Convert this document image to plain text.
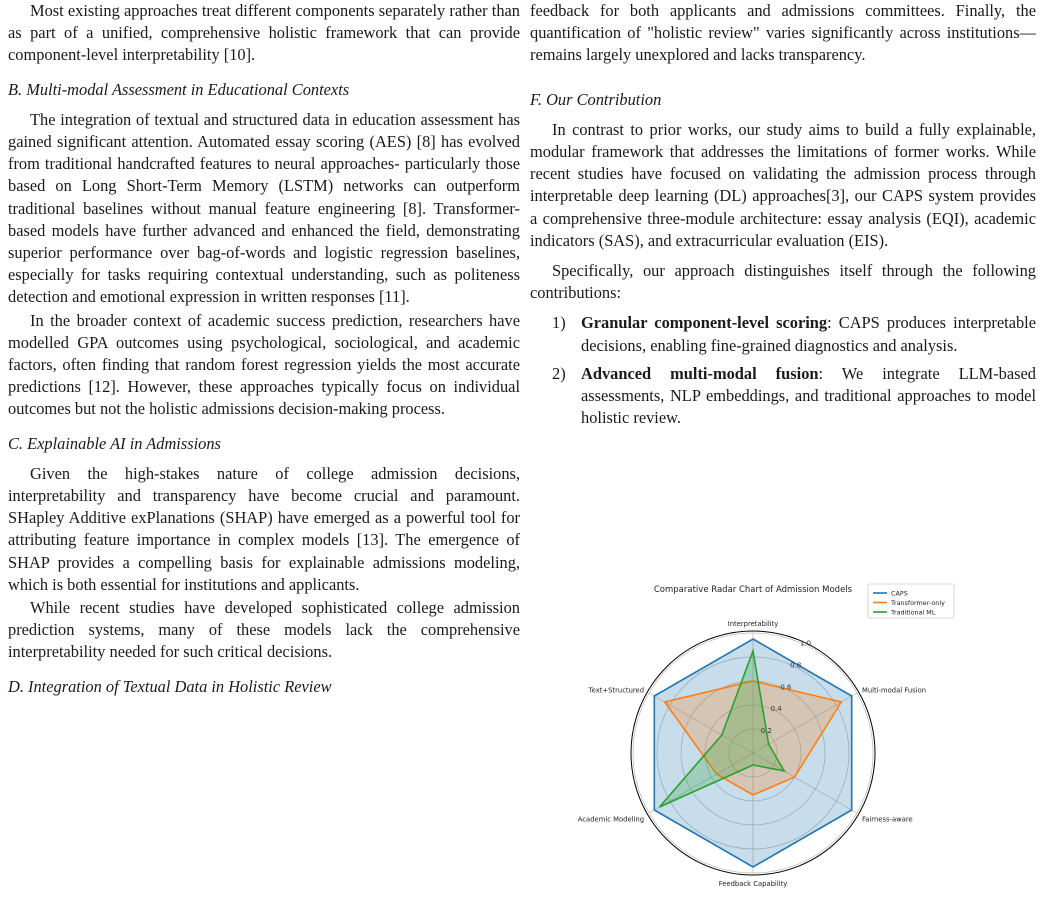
Most existing approaches treat different components separately rather than as part of a unified, comprehensive holistic framework that can provide component-level interpretability [10].

B. Multi-modal Assessment in Educational Contexts

The integration of textual and structured data in education assessment has gained significant attention. Automated essay scoring (AES) [8] has evolved from traditional handcrafted features to neural approaches- particularly those based on Long Short-Term Memory (LSTM) networks can outperform traditional baselines without manual feature engineering [8]. Transformer-based models have further advanced and enhanced the field, demonstrating superior performance over bag-of-words and logistic regression baselines, especially for tasks requiring contextual understanding, such as politeness detection and emotional expression in written responses [11].

In the broader context of academic success prediction, researchers have modelled GPA outcomes using psychological, sociological, and academic factors, often finding that random forest regression yields the most accurate predictions [12]. However, these approaches typically focus on individual outcomes but not the holistic admissions decision-making process.

C. Explainable AI in Admissions

Given the high-stakes nature of college admission decisions, interpretability and transparency have become crucial and paramount. SHapley Additive exPlanations (SHAP) have emerged as a powerful tool for attributing feature importance in complex models [13]. The emergence of SHAP provides a compelling basis for explainable admissions modeling, which is both essential for institutions and applicants.

While recent studies have developed sophisticated college admission prediction systems, many of these models lack the comprehensive interpretability needed for such critical decisions.

D. Integration of Textual Data in Holistic Review

feedback for both applicants and admissions committees. Finally, the quantification of "holistic review" varies significantly across institutions—remains largely unexplored and lacks transparency.

F. Our Contribution

In contrast to prior works, our study aims to build a fully explainable, modular framework that addresses the limitations of former works. While recent studies have focused on validating the admission process through interpretable deep learning (DL) approaches[3], our CAPS system provides a comprehensive three-module architecture: essay analysis (EQI), academic indicators (SAS), and extracurricular evaluation (EIS).

Specifically, our approach distinguishes itself through the following contributions:

1) Granular component-level scoring: CAPS produces interpretable decisions, enabling fine-grained diagnostics and analysis.
2) Advanced multi-modal fusion: We integrate LLM-based assessments, NLP embeddings, and traditional approaches to model holistic review.
Comparative Radar Chart of Admission Models
0.2
0.4
0.6
0.8
1.0
Interpretability
Multi-modal Fusion
Fairness-aware
Feedback Capability
Academic Modeling
Text+Structured
CAPS
Transformer-only
Traditional ML
